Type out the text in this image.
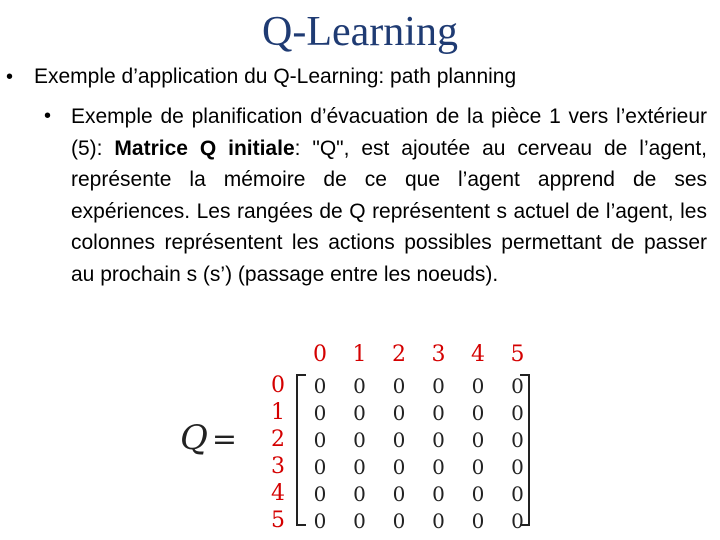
Q-Learning
• Exemple d’application du Q-Learning: path planning
• Exemple de planification d’évacuation de la pièce 1 vers l’extérieur (5): Matrice Q initiale: "Q", est ajoutée au cerveau de l’agent, représente la mémoire de ce que l’agent apprend de ses expériences. Les rangées de Q représentent s actuel de l’agent, les colonnes représentent les actions possibles permettant de passer au prochain s (s’) (passage entre les noeuds).
Q=
0 1 2 3 4 5
0 0 0 0 0 0 0
1 0 0 0 0 0 0
2 0 0 0 0 0 0
3 0 0 0 0 0 0
4 0 0 0 0 0 0
5 0 0 0 0 0 0
